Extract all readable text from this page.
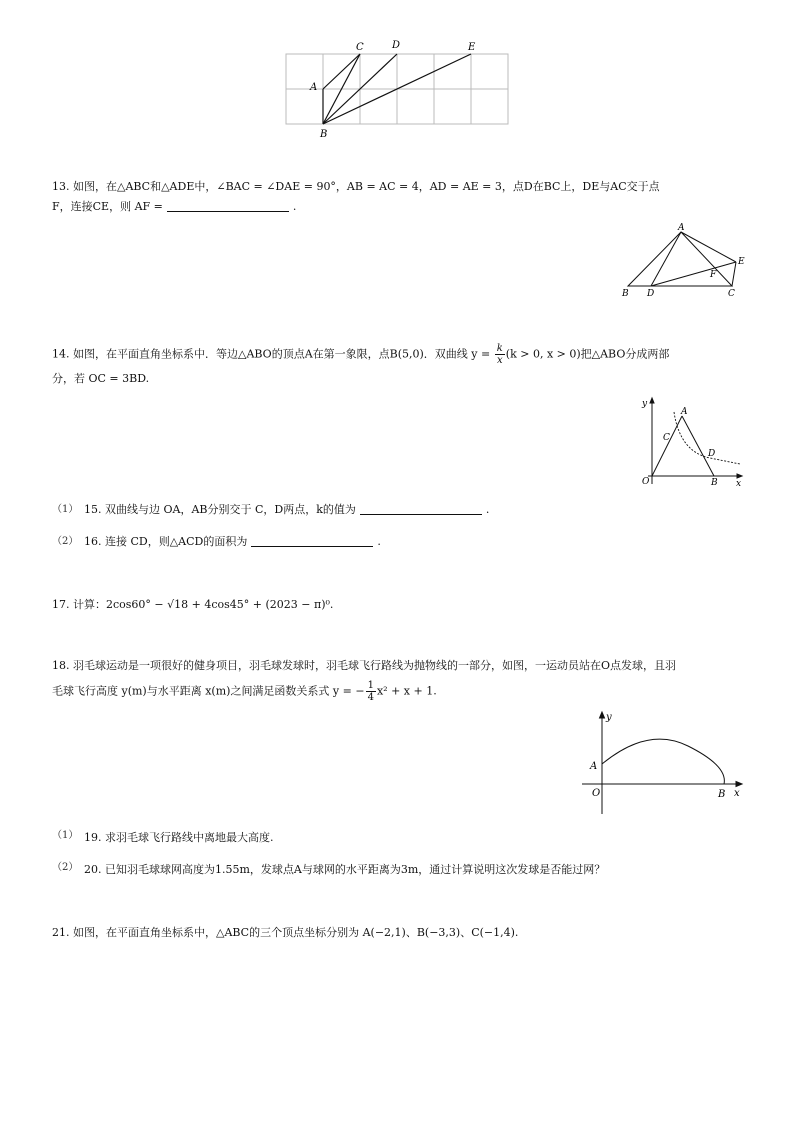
A
B
C	D	E
13. 如图，在△ABC和△ADE中，∠BAC = ∠DAE = 90°，AB = AC = 4，AD = AE = 3，点D在BC上，DE与AC交于点
F，连接CE，则 AF =	.
A
B D	C
E
F
14. 如图，在平面直角坐标系中．等边△ABO的顶点A在第一象限，点B(5,0)．双曲线 $y = \frac{k}{x} (k > 0$, x > 0)把△ABO分成两部
分，若 OC = 3BD.
y
x
O
A
B
C
D
（1） 15. 双曲线与边 OA，AB分别交于 C，D两点，k的值为	.
（2） 16. 连接 CD，则△ACD的面积为	.
17. 计算：2cos60° − √18 + 4cos45° + (2023 − π)⁰.
18. 羽毛球运动是一项很好的健身项目，羽毛球发球时，羽毛球飞行路线为抛物线的一部分，如图，一运动员站在O点发球，且羽
毛球飞行高度 y(m)与水平距离 x(m)之间满足函数关系式 y = − $\frac{1}{4} x^2 + x + 1$.
y
x
O
A
B
（1） 19. 求羽毛球飞行路线中离地最大高度.
（2） 20. 已知羽毛球球网高度为1.55m，发球点A与球网的水平距离为3m，通过计算说明这次发球是否能过网？
21. 如图，在平面直角坐标系中，△ABC的三个顶点坐标分别为 A(−2,1)、B(−3,3)、C(−1,4).
